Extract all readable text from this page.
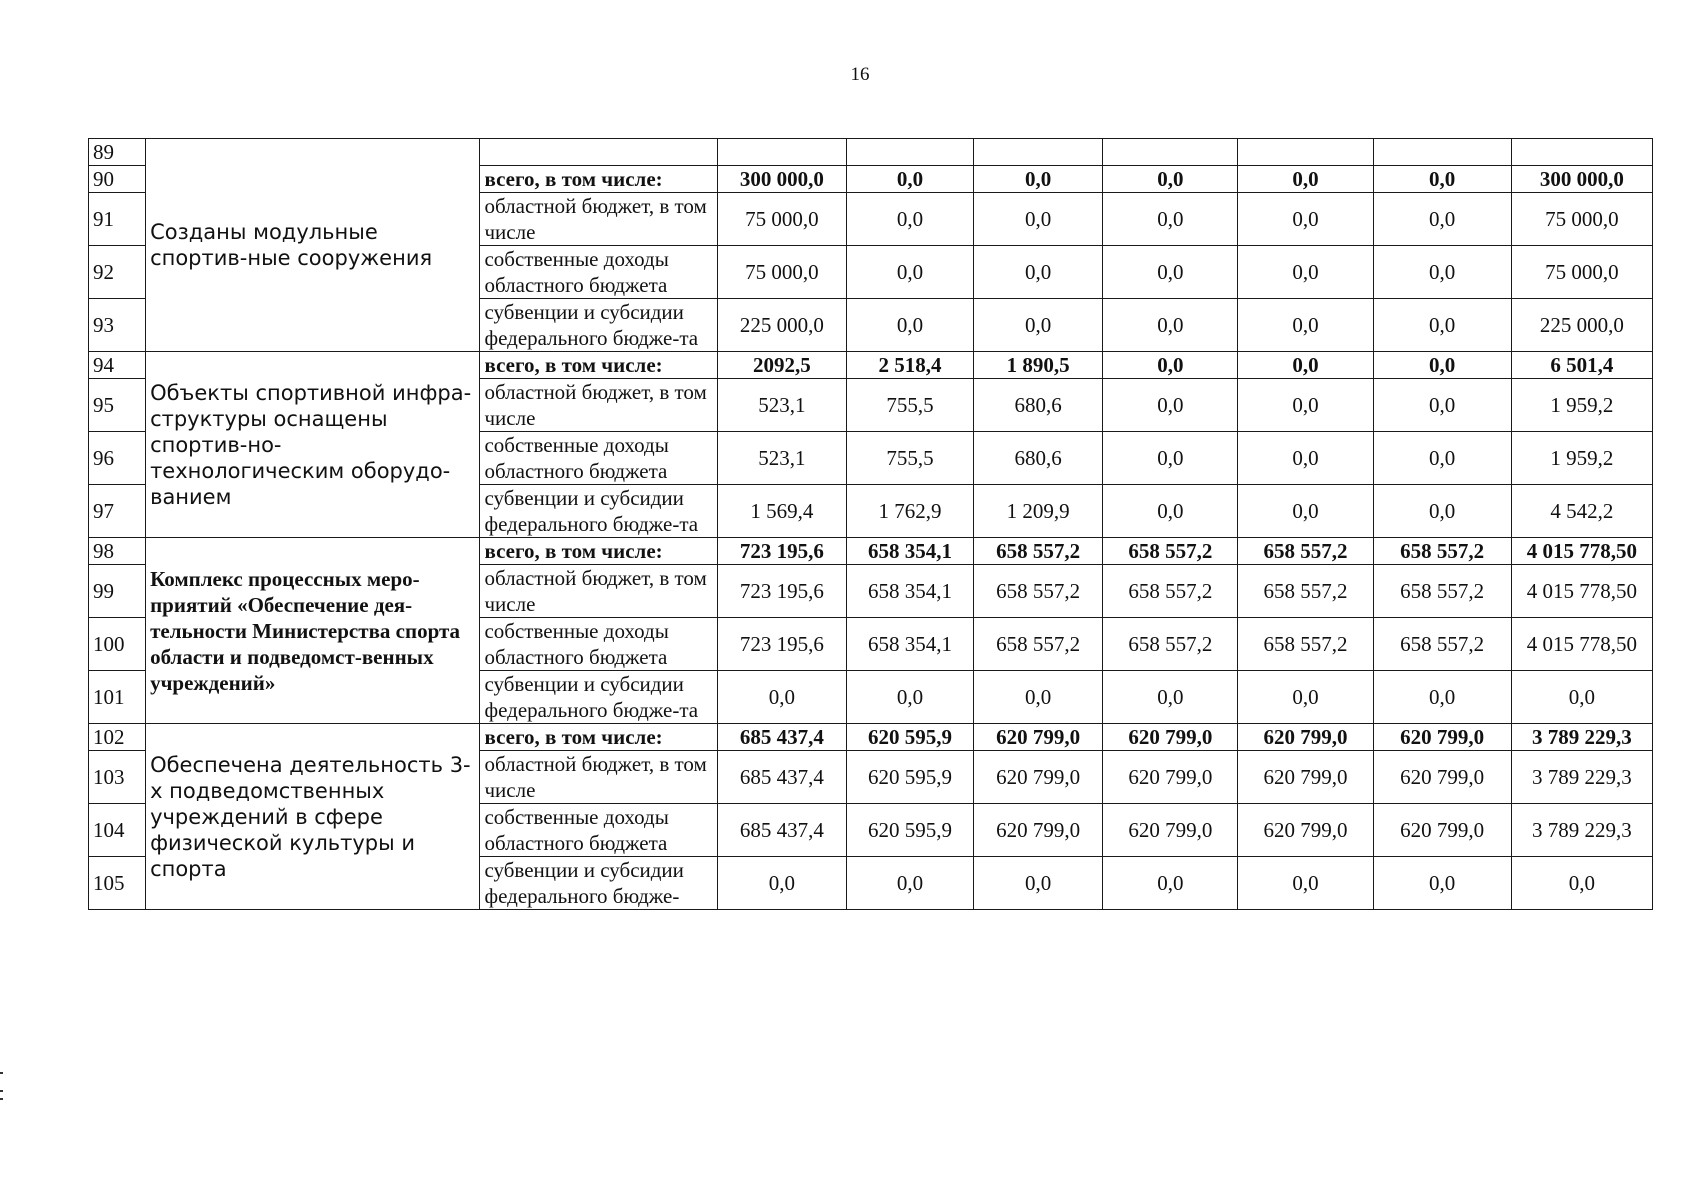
16
89	Созданы модульные спортив-ные сооружения								
90		всего, в том числе:	300 000,0	0,0	0,0	0,0	0,0	0,0	300 000,0
91		областной бюджет, в том числе	75 000,0	0,0	0,0	0,0	0,0	0,0	75 000,0
92		собственные доходы областного бюджета	75 000,0	0,0	0,0	0,0	0,0	0,0	75 000,0
93		субвенции и субсидии федерального бюдже-та	225 000,0	0,0	0,0	0,0	0,0	0,0	225 000,0
94	Объекты спортивной инфра-структуры оснащены спортив-но-технологическим оборудо-ванием	всего, в том числе:	2092,5	2 518,4	1 890,5	0,0	0,0	0,0	6 501,4
95		областной бюджет, в том числе	523,1	755,5	680,6	0,0	0,0	0,0	1 959,2
96		собственные доходы областного бюджета	523,1	755,5	680,6	0,0	0,0	0,0	1 959,2
97		субвенции и субсидии федерального бюдже-та	1 569,4	1 762,9	1 209,9	0,0	0,0	0,0	4 542,2
98	Комплекс процессных меро-приятий «Обеспечение дея-тельности Министерства спорта области и подведомст-венных учреждений»	всего, в том числе:	723 195,6	658 354,1	658 557,2	658 557,2	658 557,2	658 557,2	4 015 778,50
99		областной бюджет, в том числе	723 195,6	658 354,1	658 557,2	658 557,2	658 557,2	658 557,2	4 015 778,50
100		собственные доходы областного бюджета	723 195,6	658 354,1	658 557,2	658 557,2	658 557,2	658 557,2	4 015 778,50
101		субвенции и субсидии федерального бюдже-та	0,0	0,0	0,0	0,0	0,0	0,0	0,0
102	Обеспечена деятельность 3-х подведомственных учреждений в сфере физической культуры и спорта	всего, в том числе:	685 437,4	620 595,9	620 799,0	620 799,0	620 799,0	620 799,0	3 789 229,3
103		областной бюджет, в том числе	685 437,4	620 595,9	620 799,0	620 799,0	620 799,0	620 799,0	3 789 229,3
104		собственные доходы областного бюджета	685 437,4	620 595,9	620 799,0	620 799,0	620 799,0	620 799,0	3 789 229,3
105		субвенции и субсидии федерального бюдже-	0,0	0,0	0,0	0,0	0,0	0,0	0,0
